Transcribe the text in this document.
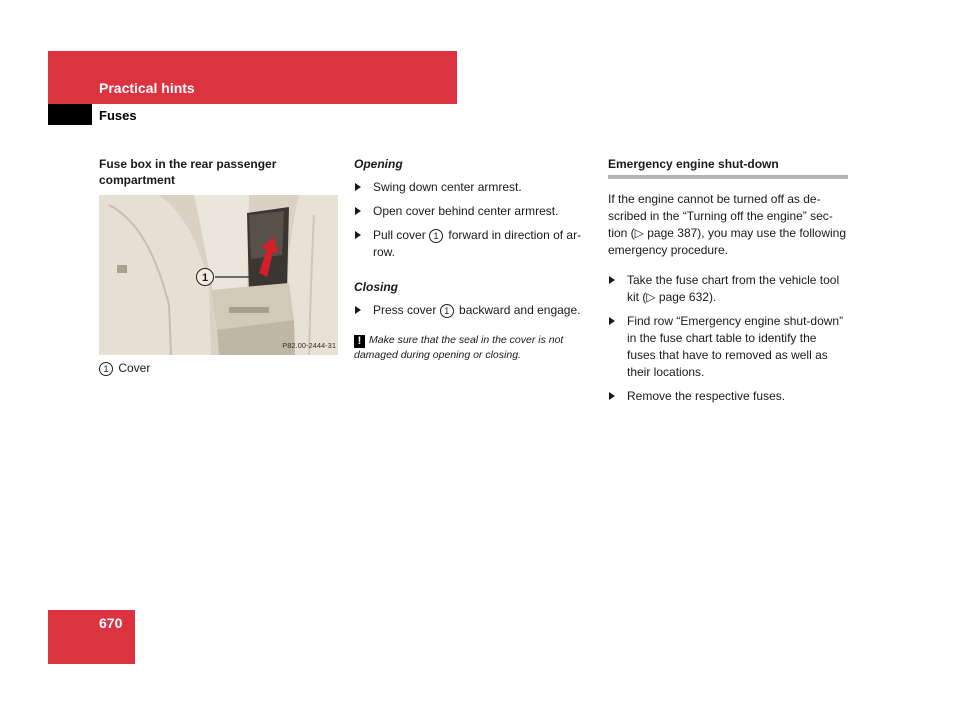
Practical hints
Fuses
Fuse box in the rear passenger compartment
1
P82.00-2444-31
1 Cover
Opening
Swing down center armrest.
Open cover behind center armrest.
Pull cover 1 forward in direction of ar-row.
Closing
Press cover 1 backward and engage.
! Make sure that the seal in the cover is not damaged during opening or closing.
Emergency engine shut-down

If the engine cannot be turned off as de-scribed in the “Turning off the engine” sec-tion (▷ page 387), you may use the following emergency procedure.

Take the fuse chart from the vehicle tool kit (▷ page 632).
Find row “Emergency engine shut-down” in the fuse chart table to identify the fuses that have to removed as well as their locations.
Remove the respective fuses.
670
